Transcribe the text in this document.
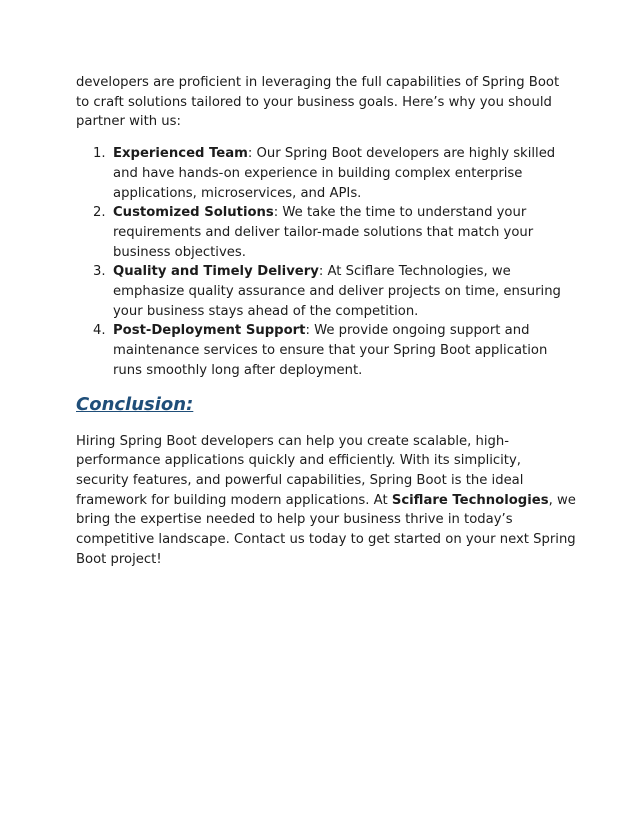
developers are proficient in leveraging the full capabilities of Spring Boot to craft solutions tailored to your business goals. Here’s why you should partner with us:

1. Experienced Team: Our Spring Boot developers are highly skilled and have hands-on experience in building complex enterprise applications, microservices, and APIs.
2. Customized Solutions: We take the time to understand your requirements and deliver tailor-made solutions that match your business objectives.
3. Quality and Timely Delivery: At Sciflare Technologies, we emphasize quality assurance and deliver projects on time, ensuring your business stays ahead of the competition.
4. Post-Deployment Support: We provide ongoing support and maintenance services to ensure that your Spring Boot application runs smoothly long after deployment.
Conclusion:

Hiring Spring Boot developers can help you create scalable, high-performance applications quickly and efficiently. With its simplicity, security features, and powerful capabilities, Spring Boot is the ideal framework for building modern applications. At Sciflare Technologies, we bring the expertise needed to help your business thrive in today’s competitive landscape. Contact us today to get started on your next Spring Boot project!
